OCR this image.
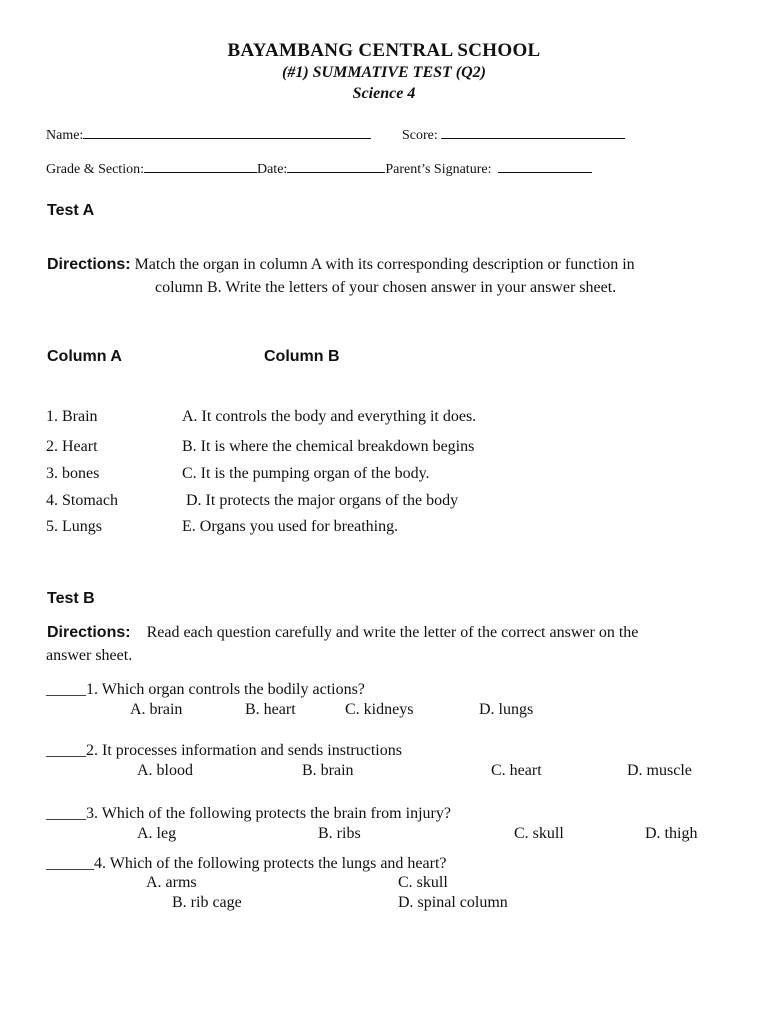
BAYAMBANG CENTRAL SCHOOL
(#1) SUMMATIVE TEST (Q2)
Science 4
Name:	Score:
Grade & Section:	Date:	Parent’s Signature:
Test A
Directions: Match the organ in column A with its corresponding description or function in
column B. Write the letters of your chosen answer in your answer sheet.
Column A	Column B
1. Brain	A. It controls the body and everything it does.
2. Heart	B. It is where the chemical breakdown begins
3. bones	C. It is the pumping organ of the body.
4. Stomach	D. It protects the major organs of the body
5. Lungs	E. Organs you used for breathing.
Test B
Directions: Read each question carefully and write the letter of the correct answer on the
answer sheet.
_____1. Which organ controls the bodily actions?
A. brain	B. heart	C. kidneys	D. lungs
_____2. It processes information and sends instructions
A. blood	B. brain	C. heart	D. muscle
_____3. Which of the following protects the brain from injury?
A. leg	B. ribs	C. skull	D. thigh
______4. Which of the following protects the lungs and heart?
A. arms	C. skull
B. rib cage	D. spinal column
